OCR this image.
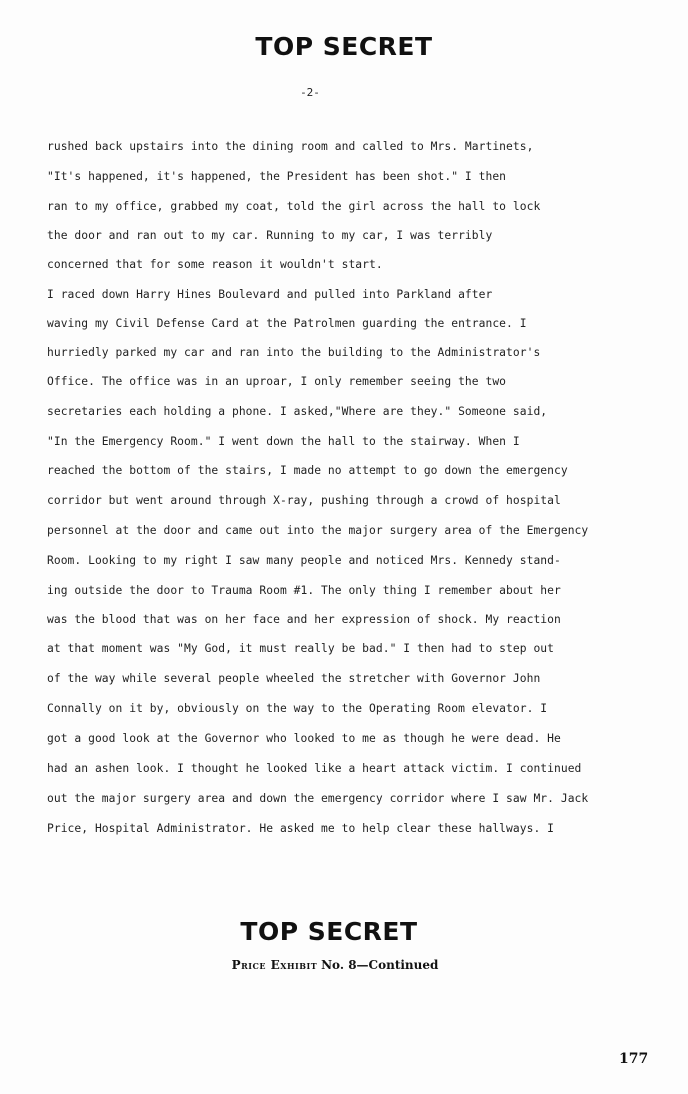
TOP SECRET
-2-
rushed back upstairs into the dining room and called to Mrs. Martinets,
"It's happened, it's happened, the President has been shot." I then
ran to my office, grabbed my coat, told the girl across the hall to lock
the door and ran out to my car. Running to my car, I was terribly
concerned that for some reason it wouldn't start.
I raced down Harry Hines Boulevard and pulled into Parkland after
waving my Civil Defense Card at the Patrolmen guarding the entrance. I
hurriedly parked my car and ran into the building to the Administrator's
Office. The office was in an uproar, I only remember seeing the two
secretaries each holding a phone. I asked,"Where are they." Someone said,
"In the Emergency Room." I went down the hall to the stairway. When I
reached the bottom of the stairs, I made no attempt to go down the emergency
corridor but went around through X-ray, pushing through a crowd of hospital
personnel at the door and came out into the major surgery area of the Emergency
Room. Looking to my right I saw many people and noticed Mrs. Kennedy stand-
ing outside the door to Trauma Room #1. The only thing I remember about her
was the blood that was on her face and her expression of shock. My reaction
at that moment was "My God, it must really be bad." I then had to step out
of the way while several people wheeled the stretcher with Governor John
Connally on it by, obviously on the way to the Operating Room elevator. I
got a good look at the Governor who looked to me as though he were dead. He
had an ashen look. I thought he looked like a heart attack victim. I continued
out the major surgery area and down the emergency corridor where I saw Mr. Jack
Price, Hospital Administrator. He asked me to help clear these hallways. I
TOP SECRET
Price Exhibit No. 8—Continued
177
